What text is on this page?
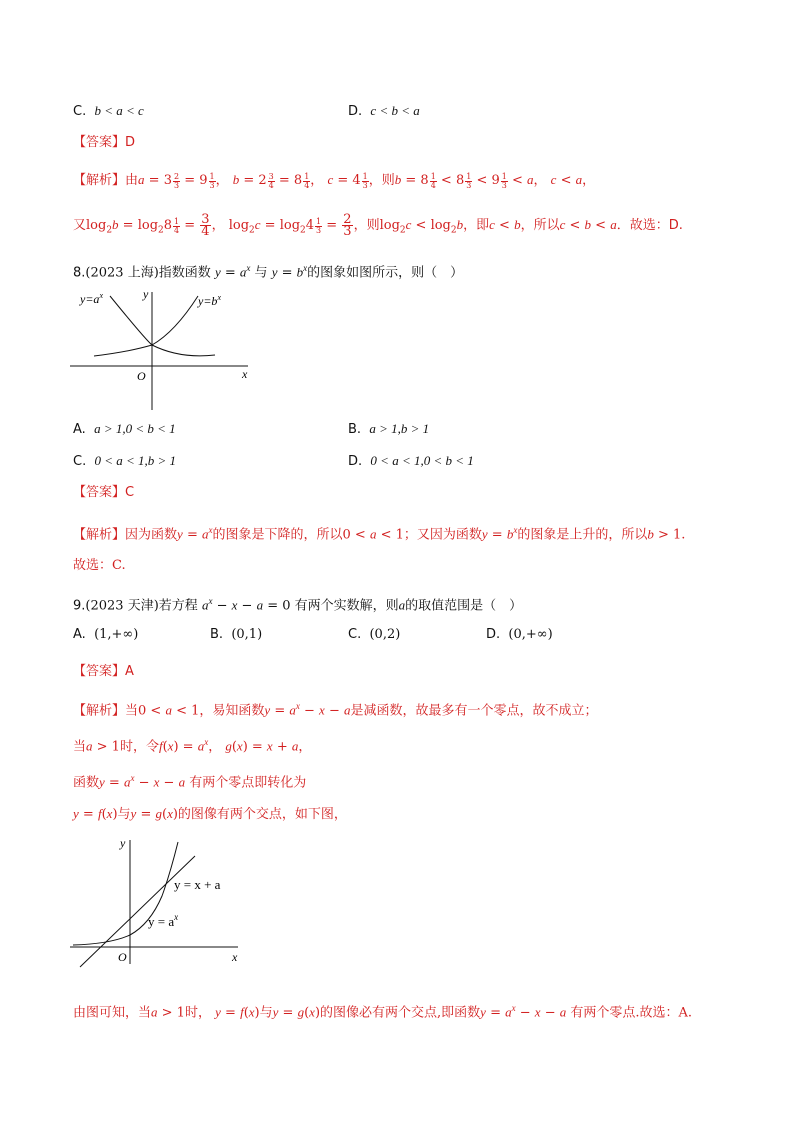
C. b < a < c	D. c < b < a
【答案】D
【解析】由$a = 3 \frac{2}{3} = 9 \frac{1}{3}$ ， $b = 2 \frac{3}{4} = 8 \frac{1}{4}$ ， $c = 4 \frac{1}{3}$ ，则$b = 8 \frac{1}{4} < 8 \frac{1}{3} < 9 \frac{1}{3} < a$， c < a，
又$\log_2b = \log_28 \frac{1}{4} = \frac{3}{4}$ ， $\log_2c = \log_24 \frac{1}{3} = \frac{2}{3}$ ，则$\log_2c < \log_2b$，即c < b，所以c < b < a．故选：D.
8.(2023 上海)指数函数 $y = a^x$ 与 $y = b^x$的图象如图所示，则（　）
$y=a^x$	$y=b^x$
y
x
O
A. a > 1,0 < b < 1	B. a > 1,b > 1
C. 0 < a < 1,b > 1	D. 0 < a < 1,0 < b < 1
【答案】C
【解析】因为函数$y = a^x$的图象是下降的，所以0 < a < 1；又因为函数$y = b^x$的图象是上升的，所以b > 1.
故选：C.
9.(2023 天津)若方程 $a^x - x - a = 0$ 有两个实数解，则a的取值范围是（　）
A. (1,+∞)	B. (0,1)	C. (0,2)	D. (0,+∞)
【答案】A
【解析】当0 < a < 1，易知函数$y = a^x - x - a$是减函数，故最多有一个零点，故不成立；
当a > 1时，令$f(x) = a^x$， g(x) = x + a，
函数$y = a^x - x - a$ 有两个零点即转化为
y = f(x)与y = g(x)的图像有两个交点，如下图，
y = x + a
$y = a^x$
y
x
O
由图可知，当a > 1时， y = f(x)与y = g(x)的图像必有两个交点,即函数$y = a^x - x - a$ 有两个零点.故选：A.
